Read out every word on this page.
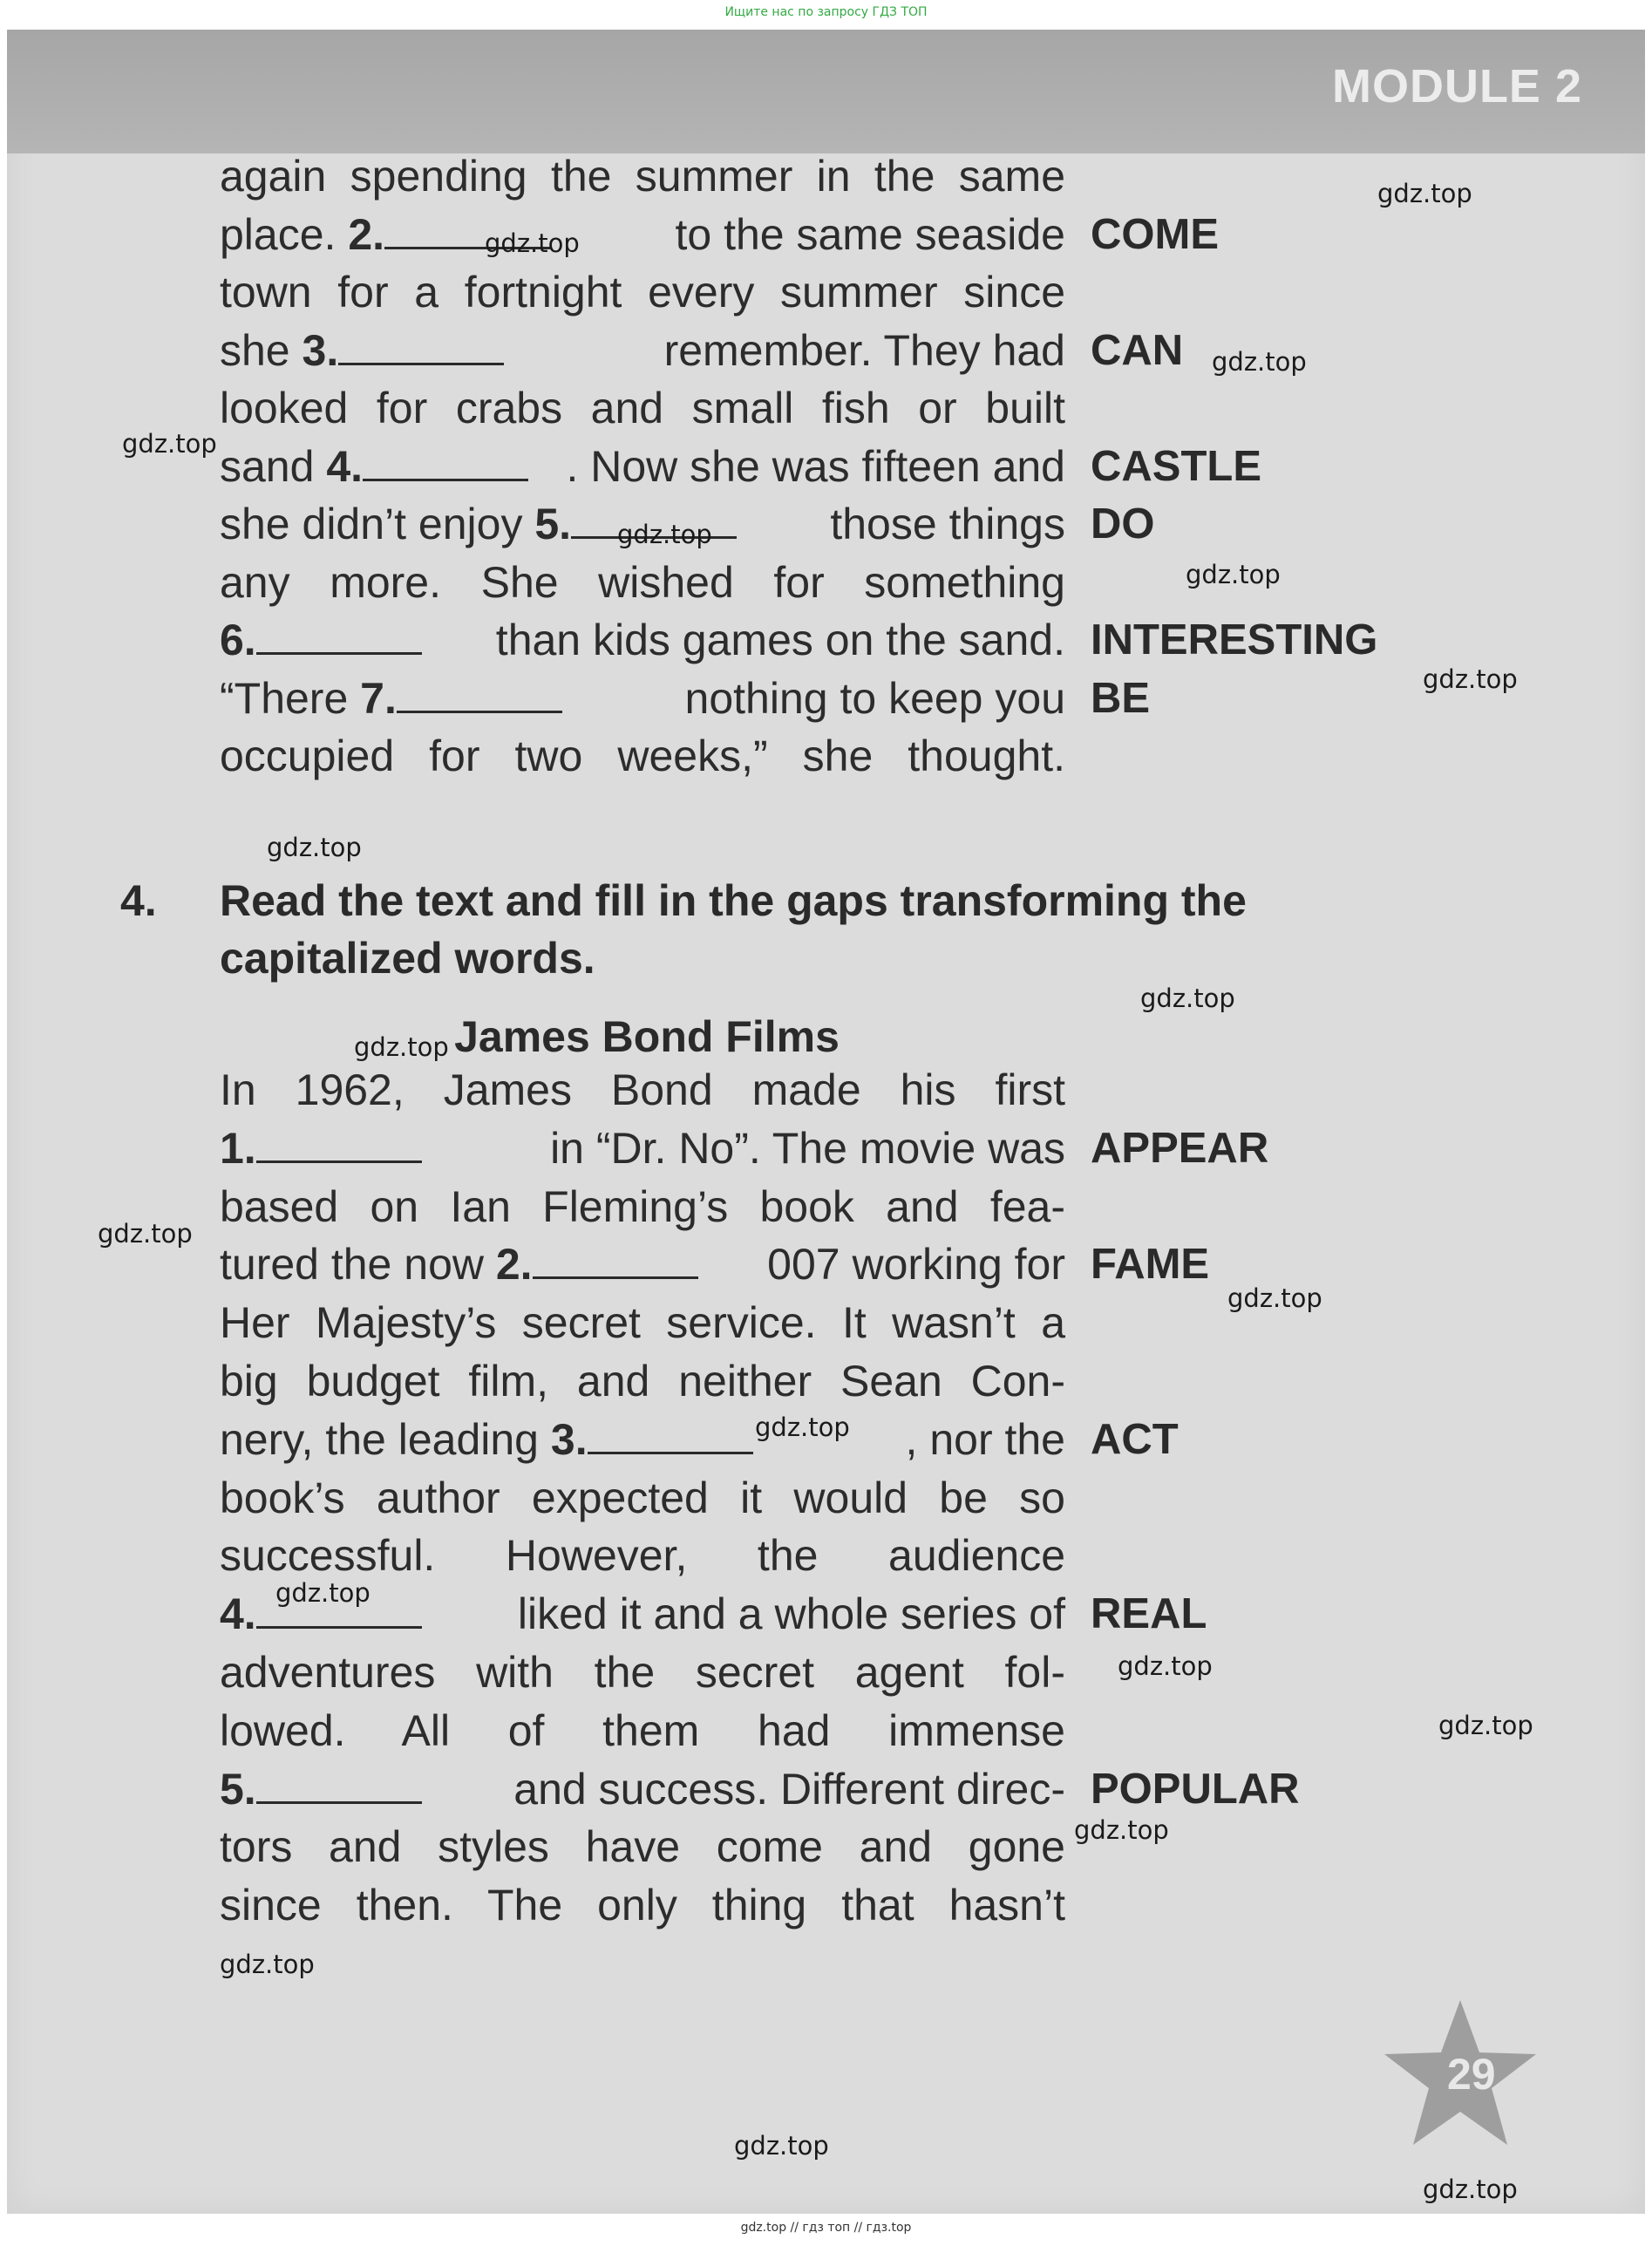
Ищите нас по запросу ГДЗ ТОП
MODULE 2
again spending the summer in the same
place. 2.	to the same seaside
town for a fortnight every summer since
she 3.	remember. They had
looked for crabs and small fish or built
sand 4.	. Now she was fifteen and
she didn’t enjoy 5.	those things
any more. She wished for something
6.	than kids games on the sand.
“There 7.	nothing to keep you
occupied for two weeks,” she thought.
COME
CAN
CASTLE
DO
INTERESTING
BE
4. Read the text and fill in the gaps transforming the
capitalized words.
James Bond Films
In 1962, James Bond made his first
1.	in “Dr. No”. The movie was
based on Ian Fleming’s book and fea-
tured the now 2.	007 working for
Her Majesty’s secret service. It wasn’t a
big budget film, and neither Sean Con-
nery, the leading 3.	, nor the
book’s author expected it would be so
successful. However, the audience
4.	liked it and a whole series of
adventures with the secret agent fol-
lowed. All of them had immense
5.	and success. Different direc-
tors and styles have come and gone
since then. The only thing that hasn’t
APPEAR
FAME
ACT
REAL
POPULAR
29
gdz.top
gdz.top
gdz.top
gdz.top
gdz.top
gdz.top
gdz.top
gdz.top
gdz.top
gdz.top
gdz.top
gdz.top
gdz.top
gdz.top
gdz.top
gdz.top
gdz.top
gdz.top
gdz.top
gdz.top
gdz.top // гдз топ // гдз.top
